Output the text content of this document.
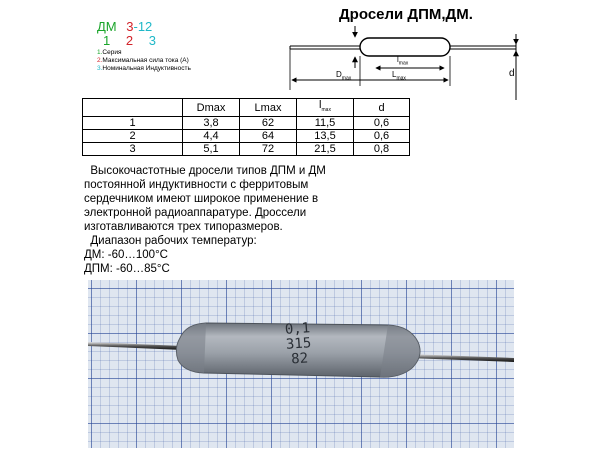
ДМ 3-12
1 2 3
1.Серия
2.Максимальная сила тока (А)
3.Номинальная Индуктивность
Дросели ДПМ,ДМ.
$l_{max}$
$L_{max}$
$D_{max}$	d
	Dmax	Lmax	$l_{max}$	d
1	3,8	62	11,5	0,6
2	4,4	64	13,5	0,6
3	5,1	72	21,5	0,8
Высокочастотные дросели типов ДПМ и ДМ
постоянной индуктивности с ферритовым
сердечником имеют широкое применение в
электронной радиоаппаратуре. Дроссели
изготавливаются трех типоразмеров.
Диапазон рабочих температур:
ДМ: -60…100°С
ДПМ: -60…85°С
0,1
315
82
